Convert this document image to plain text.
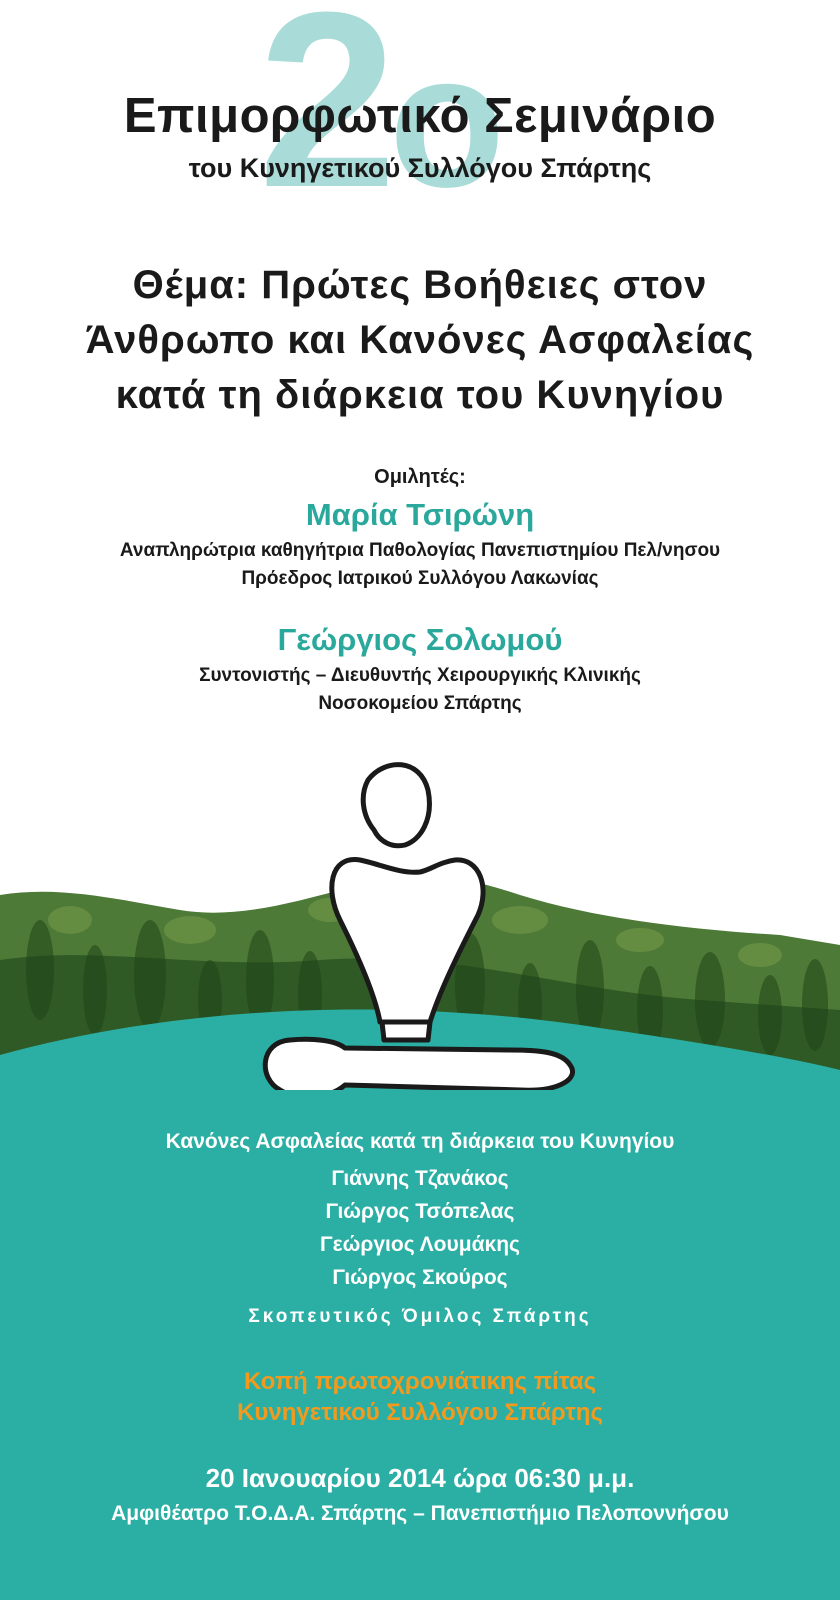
2ο
Επιμορφωτικό Σεμινάριο
του Κυνηγετικού Συλλόγου Σπάρτης
Θέμα: Πρώτες Βοήθειες στον
Άνθρωπο και Κανόνες Ασφαλείας
κατά τη διάρκεια του Κυνηγίου
Ομιλητές:
Μαρία Τσιρώνη
Αναπληρώτρια καθηγήτρια Παθολογίας Πανεπιστημίου Πελ/νησου
Πρόεδρος Ιατρικού Συλλόγου Λακωνίας
Γεώργιος Σολωμού
Συντονιστής – Διευθυντής Χειρουργικής Κλινικής
Νοσοκομείου Σπάρτης
Κανόνες Ασφαλείας κατά τη διάρκεια του Κυνηγίου
Γιάννης Τζανάκος
Γιώργος Τσόπελας
Γεώργιος Λουμάκης
Γιώργος Σκούρος
Σκοπευτικός Όμιλος Σπάρτης
Κοπή πρωτοχρονιάτικης πίτας
Κυνηγετικού Συλλόγου Σπάρτης
20 Ιανουαρίου 2014 ώρα 06:30 μ.μ.
Αμφιθέατρο Τ.Ο.Δ.Α. Σπάρτης – Πανεπιστήμιο Πελοποννήσου
